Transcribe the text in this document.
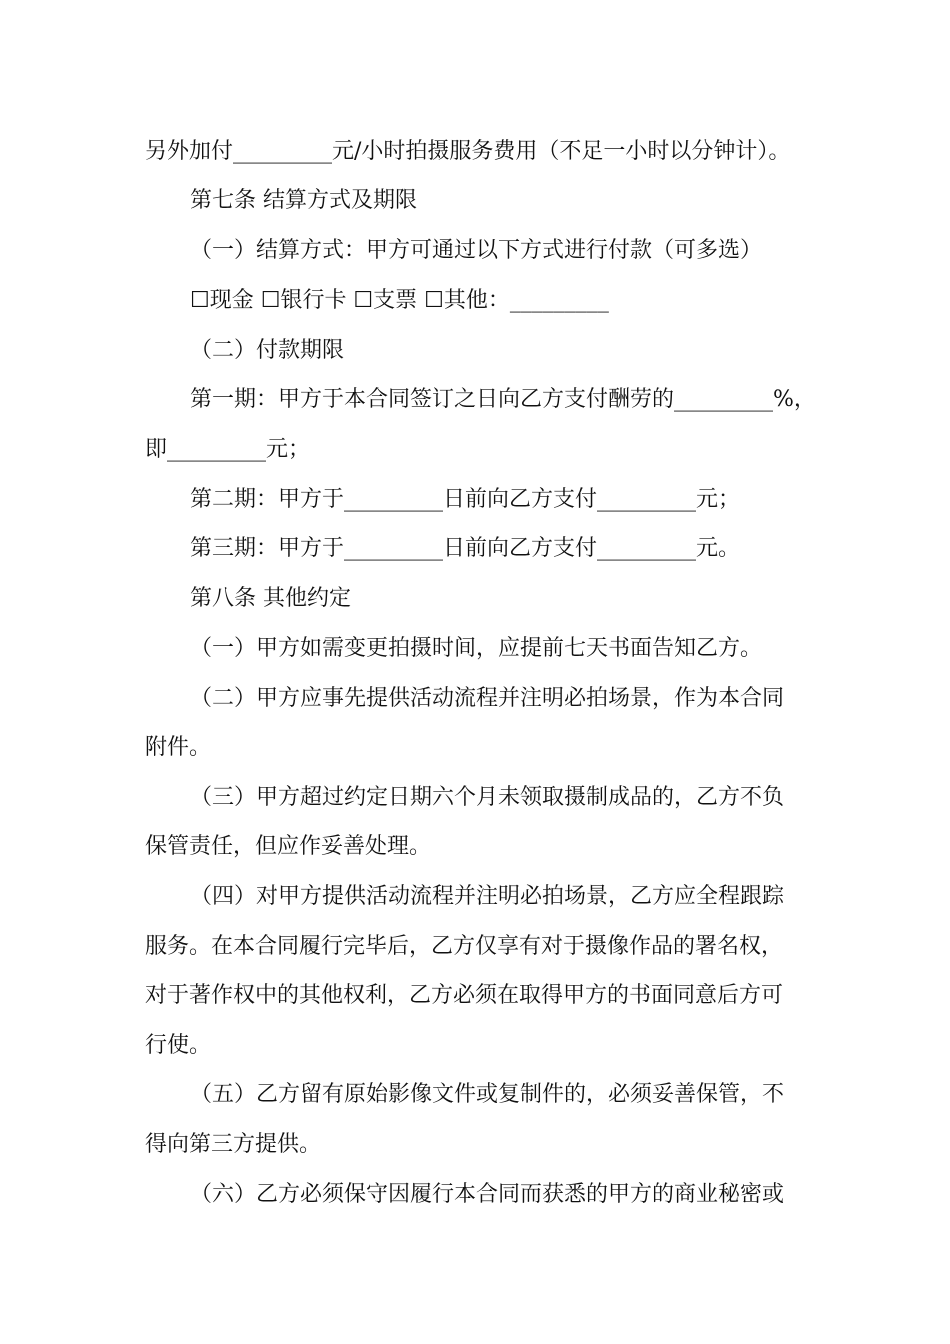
另外加付_________元/小时拍摄服务费用（不足一小时以分钟计）。
第七条 结算方式及期限
（一）结算方式：甲方可通过以下方式进行付款（可多选）
☐现金 ☐银行卡 ☐支票 ☐其他：_________
（二）付款期限
第一期：甲方于本合同签订之日向乙方支付酬劳的_________%，
即_________元；
第二期：甲方于_________日前向乙方支付_________元；
第三期：甲方于_________日前向乙方支付_________元。
第八条 其他约定
（一）甲方如需变更拍摄时间，应提前七天书面告知乙方。
（二）甲方应事先提供活动流程并注明必拍场景，作为本合同
附件。
（三）甲方超过约定日期六个月未领取摄制成品的，乙方不负
保管责任，但应作妥善处理。
（四）对甲方提供活动流程并注明必拍场景，乙方应全程跟踪
服务。在本合同履行完毕后，乙方仅享有对于摄像作品的署名权，
对于著作权中的其他权利，乙方必须在取得甲方的书面同意后方可
行使。
（五）乙方留有原始影像文件或复制件的，必须妥善保管，不
得向第三方提供。
（六）乙方必须保守因履行本合同而获悉的甲方的商业秘密或
